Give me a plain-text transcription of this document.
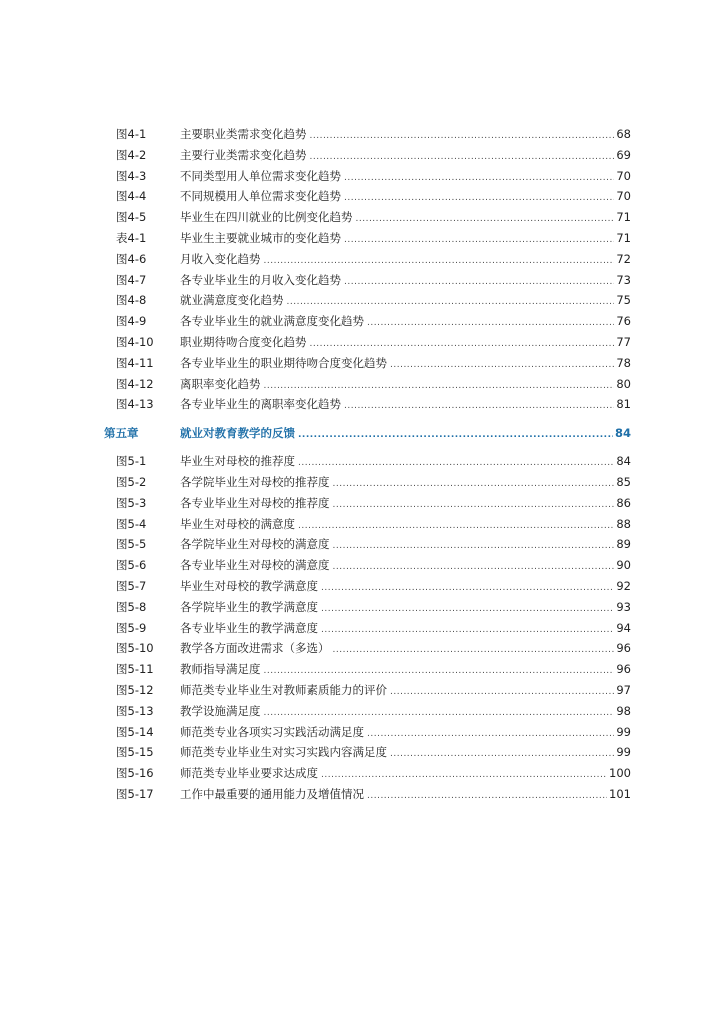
图4-1	主要职业类需求变化趋势 .....	68
图4-2	主要行业类需求变化趋势 .....	69
图4-3	不同类型用人单位需求变化趋势 .....	70
图4-4	不同规模用人单位需求变化趋势 .....	70
图4-5	毕业生在四川就业的比例变化趋势 .....	71
表4-1	毕业生主要就业城市的变化趋势 .....	71
图4-6	月收入变化趋势 .....	72
图4-7	各专业毕业生的月收入变化趋势 .....	73
图4-8	就业满意度变化趋势 .....	75
图4-9	各专业毕业生的就业满意度变化趋势 .....	76
图4-10 职业期待吻合度变化趋势 .....	77
图4-11 各专业毕业生的职业期待吻合度变化趋势 .....	78
图4-12 离职率变化趋势 .....	80
图4-13 各专业毕业生的离职率变化趋势 .....	81
第五章	就业对教育教学的反馈 .....	84
图5-1	毕业生对母校的推荐度 .....	84
图5-2	各学院毕业生对母校的推荐度 .....	85
图5-3	各专业毕业生对母校的推荐度 .....	86
图5-4	毕业生对母校的满意度 .....	88
图5-5	各学院毕业生对母校的满意度 .....	89
图5-6	各专业毕业生对母校的满意度 .....	90
图5-7	毕业生对母校的教学满意度 .....	92
图5-8	各学院毕业生的教学满意度 .....	93
图5-9	各专业毕业生的教学满意度 .....	94
图5-10 教学各方面改进需求（多选） .....	96
图5-11 教师指导满足度 .....	96
图5-12 师范类专业毕业生对教师素质能力的评价 .....	97
图5-13 教学设施满足度 .....	98
图5-14 师范类专业各项实习实践活动满足度 .....	99
图5-15 师范类专业毕业生对实习实践内容满足度 .....	99
图5-16 师范类专业毕业要求达成度 .....	100
图5-17 工作中最重要的通用能力及增值情况 .....	101
